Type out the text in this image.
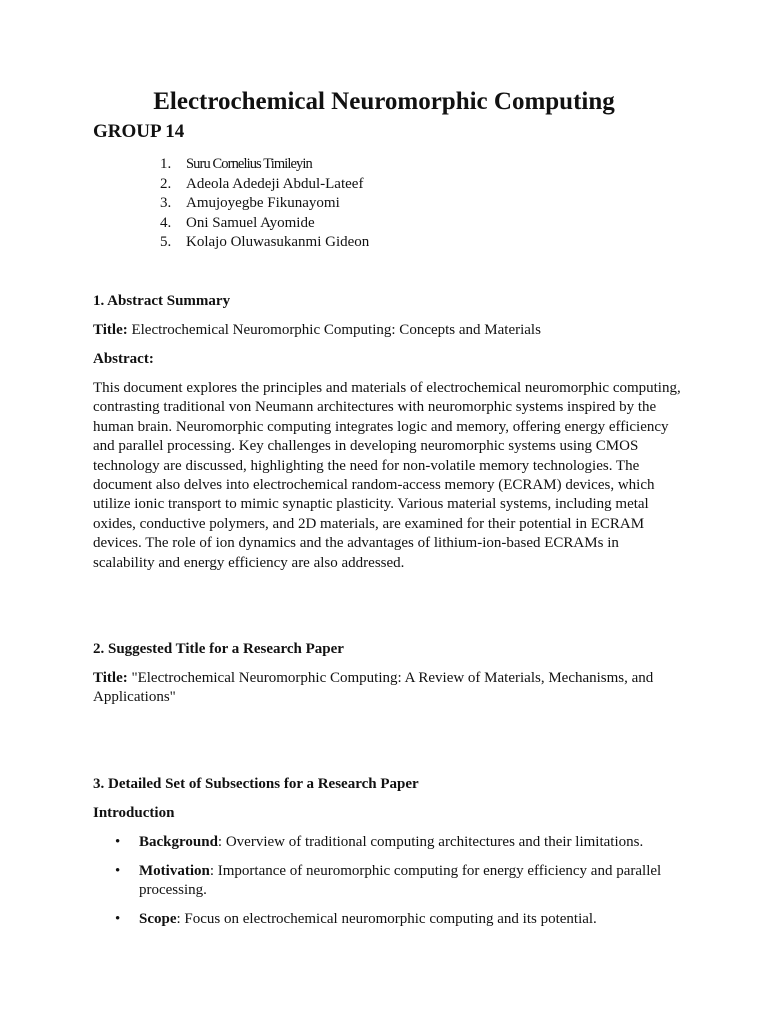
Electrochemical Neuromorphic Computing
GROUP 14
1. Suru Cornelius Timileyin
2. Adeola Adedeji Abdul-Lateef
3. Amujoyegbe Fikunayomi
4. Oni Samuel Ayomide
5. Kolajo Oluwasukanmi Gideon

1. Abstract Summary

Title: Electrochemical Neuromorphic Computing: Concepts and Materials

Abstract:

This document explores the principles and materials of electrochemical neuromorphic computing, contrasting traditional von Neumann architectures with neuromorphic systems inspired by the human brain. Neuromorphic computing integrates logic and memory, offering energy efficiency and parallel processing. Key challenges in developing neuromorphic systems using CMOS technology are discussed, highlighting the need for non-volatile memory technologies. The document also delves into electrochemical random-access memory (ECRAM) devices, which utilize ionic transport to mimic synaptic plasticity. Various material systems, including metal oxides, conductive polymers, and 2D materials, are examined for their potential in ECRAM devices. The role of ion dynamics and the advantages of lithium-ion-based ECRAMs in scalability and energy efficiency are also addressed.

2. Suggested Title for a Research Paper

Title: "Electrochemical Neuromorphic Computing: A Review of Materials, Mechanisms, and Applications"

3. Detailed Set of Subsections for a Research Paper

Introduction

• Background: Overview of traditional computing architectures and their limitations.
• Motivation: Importance of neuromorphic computing for energy efficiency and parallel processing.
• Scope: Focus on electrochemical neuromorphic computing and its potential.
